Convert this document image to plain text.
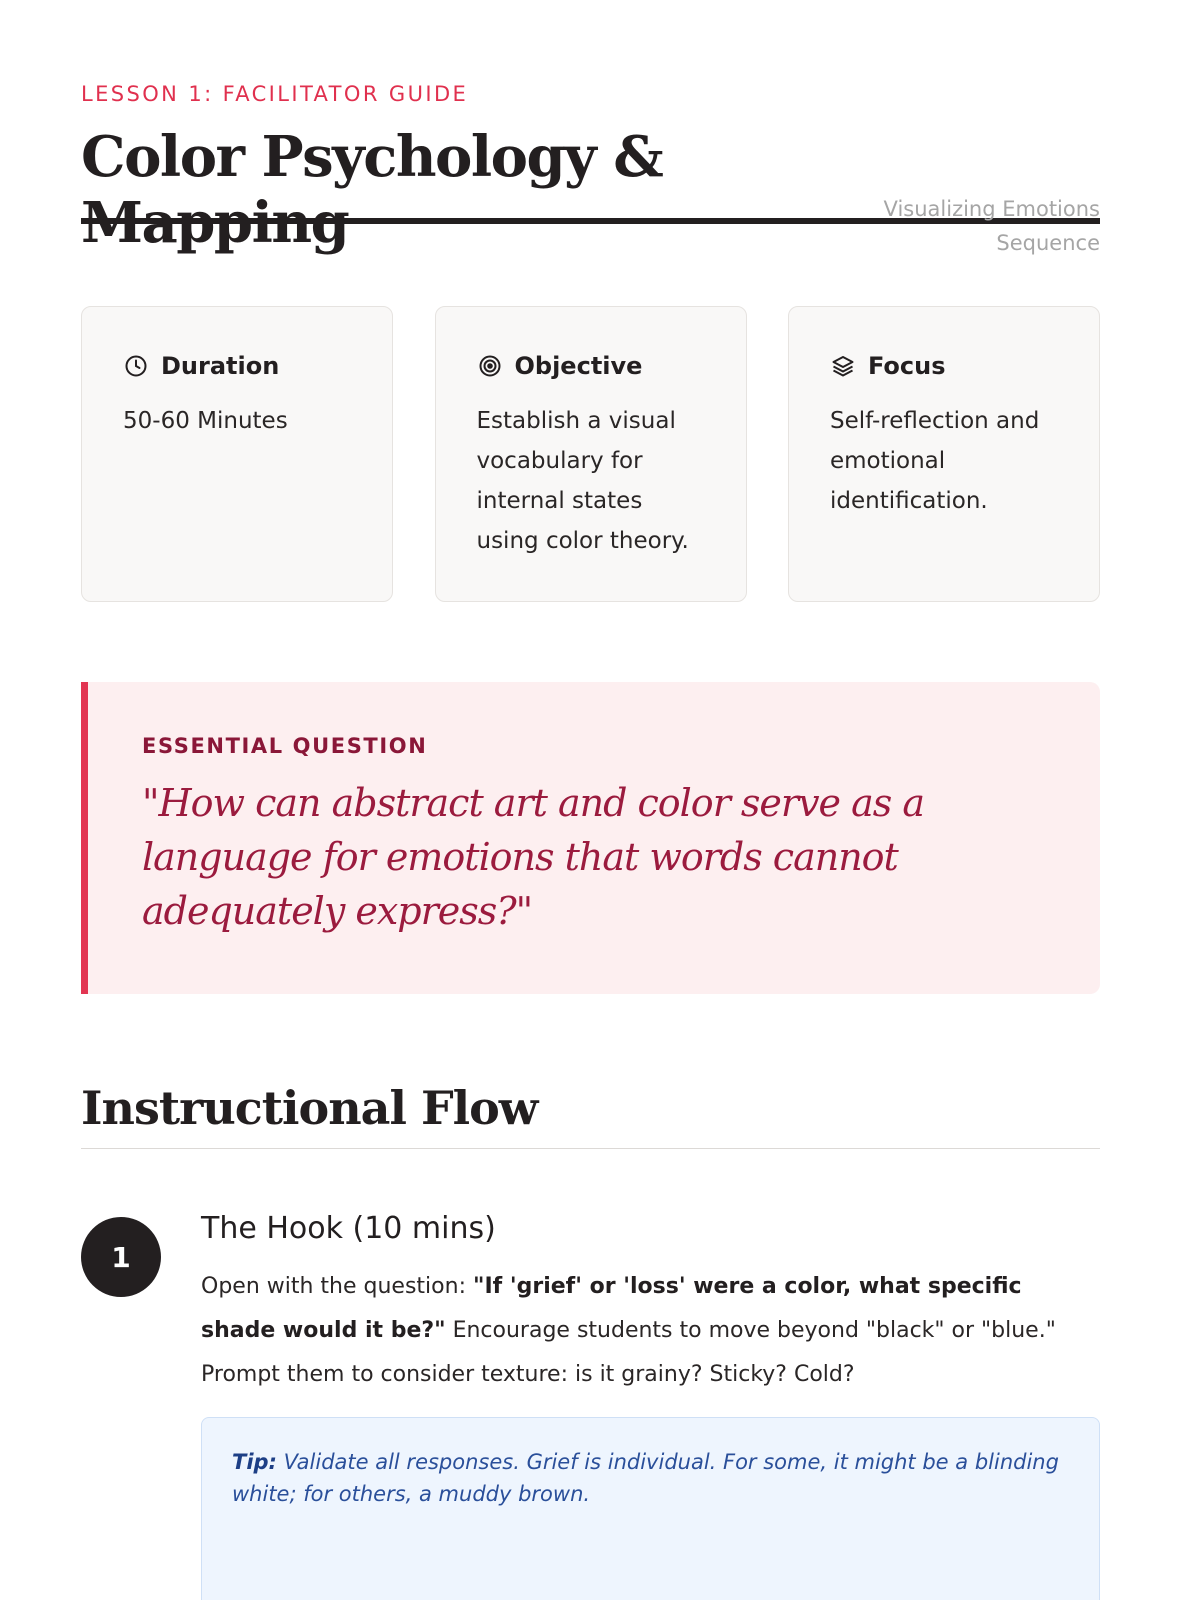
LESSON 1: FACILITATOR GUIDE

Color Psychology & Mapping	Visualizing Emotions Sequence
Duration
50-60 Minutes
Objective
Establish a visual vocabulary for internal states using color theory.
Focus
Self-reflection and emotional identification.
ESSENTIAL QUESTION
"How can abstract art and color serve as a language for emotions that words cannot adequately express?"
Instructional Flow
1
The Hook (10 mins)
Open with the question: "If 'grief' or 'loss' were a color, what specific shade would it be?" Encourage students to move beyond "black" or "blue." Prompt them to consider texture: is it grainy? Sticky? Cold?
Tip: Validate all responses. Grief is individual. For some, it might be a blinding white; for others, a muddy brown.
